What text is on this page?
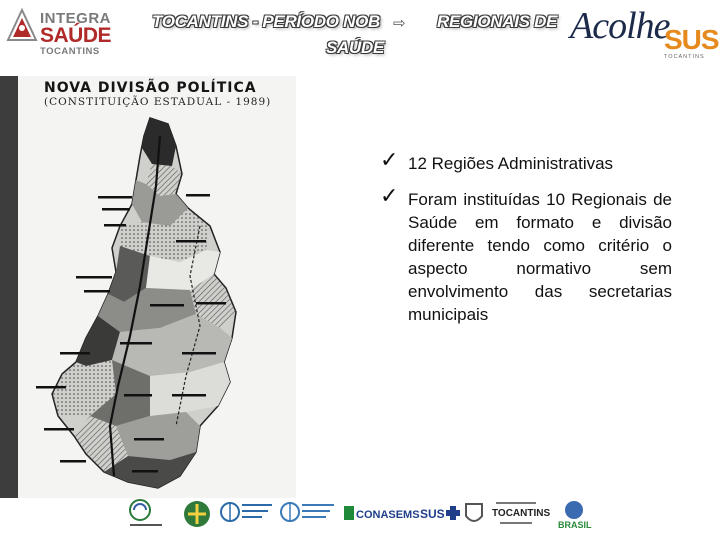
INTEGRA
SAÚDE
TOCANTINS
TOCANTINS - PERÍODO NOB ⇨
SAÚDE
REGIONAIS DE Acolhe
SUS
TOCANTINS
NOVA DIVISÃO POLÍTICA
(CONSTITUIÇÃO ESTADUAL - 1989)
✓ 12 Regiões Administrativas
✓ Foram instituídas 10 Regionais de Saúde em formato e divisão diferente tendo como critério o aspecto normativo sem envolvimento das secretarias municipais
CONASEMS SUS	TOCANTINS
BRASIL
